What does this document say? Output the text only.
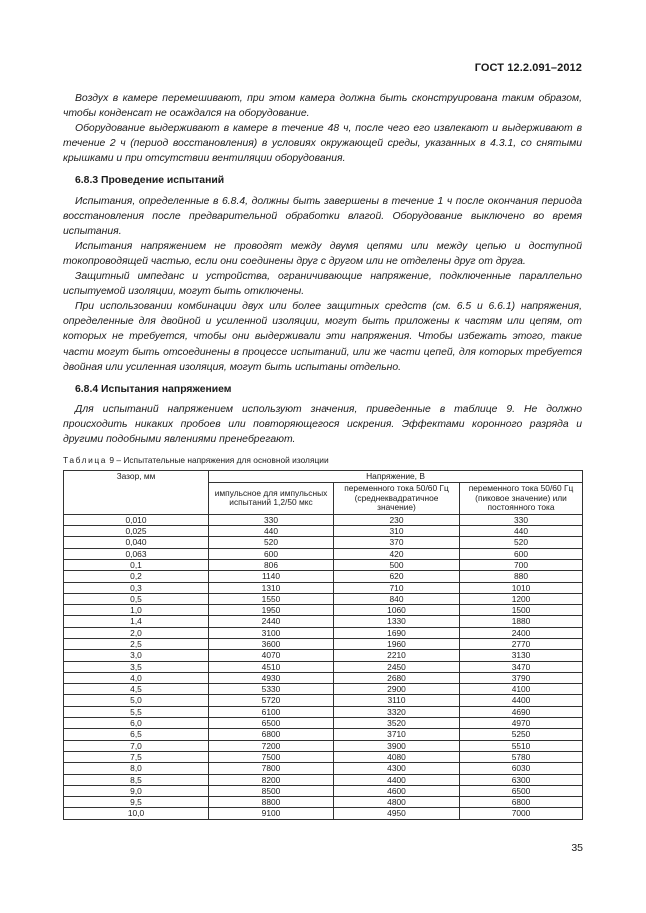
ГОСТ 12.2.091–2012

Воздух в камере перемешивают, при этом камера должна быть сконструирована таким образом, чтобы конденсат не осаждался на оборудование.

Оборудование выдерживают в камере в течение 48 ч, после чего его извлекают и выдерживают в течение 2 ч (период восстановления) в условиях окружающей среды, указанных в 4.3.1, со снятыми крышками и при отсутствии вентиляции оборудования.

6.8.3 Проведение испытаний

Испытания, определенные в 6.8.4, должны быть завершены в течение 1 ч после окончания периода восстановления после предварительной обработки влагой. Оборудование выключено во время испытания.

Испытания напряжением не проводят между двумя цепями или между цепью и доступной токопроводящей частью, если они соединены друг с другом или не отделены друг от друга.

Защитный импеданс и устройства, ограничивающие напряжение, подключенные параллельно испытуемой изоляции, могут быть отключены.

При использовании комбинации двух или более защитных средств (см. 6.5 и 6.6.1) напряжения, определенные для двойной и усиленной изоляции, могут быть приложены к частям или цепям, от которых не требуется, чтобы они выдерживали эти напряжения. Чтобы избежать этого, такие части могут быть отсоединены в процессе испытаний, или же части цепей, для которых требуется двойная или усиленная изоляция, могут быть испытаны отдельно.

6.8.4 Испытания напряжением

Для испытаний напряжением используют значения, приведенные в таблице 9. Не должно происходить никаких пробоев или повторяющегося искрения. Эффектами коронного разряда и другими подобными явлениями пренебрегают.

Таблица 9 – Испытательные напряжения для основной изоляции
Зазор, мм	Напряжение, В		
	импульсное для импульсных испытаний 1,2/50 мкс	переменного тока 50/60 Гц (среднеквадратичное значение)	переменного тока 50/60 Гц (пиковое значение) или постоянного тока
0,010	330	230	330
0,025	440	310	440
0,040	520	370	520
0,063	600	420	600
0,1	806	500	700
0,2	1140	620	880
0,3	1310	710	1010
0,5	1550	840	1200
1,0	1950	1060	1500
1,4	2440	1330	1880
2,0	3100	1690	2400
2,5	3600	1960	2770
3,0	4070	2210	3130
3,5	4510	2450	3470
4,0	4930	2680	3790
4,5	5330	2900	4100
5,0	5720	3110	4400
5,5	6100	3320	4690
6,0	6500	3520	4970
6,5	6800	3710	5250
7,0	7200	3900	5510
7,5	7500	4080	5780
8,0	7800	4300	6030
8,5	8200	4400	6300
9,0	8500	4600	6500
9,5	8800	4800	6800
10,0	9100	4950	7000
35
